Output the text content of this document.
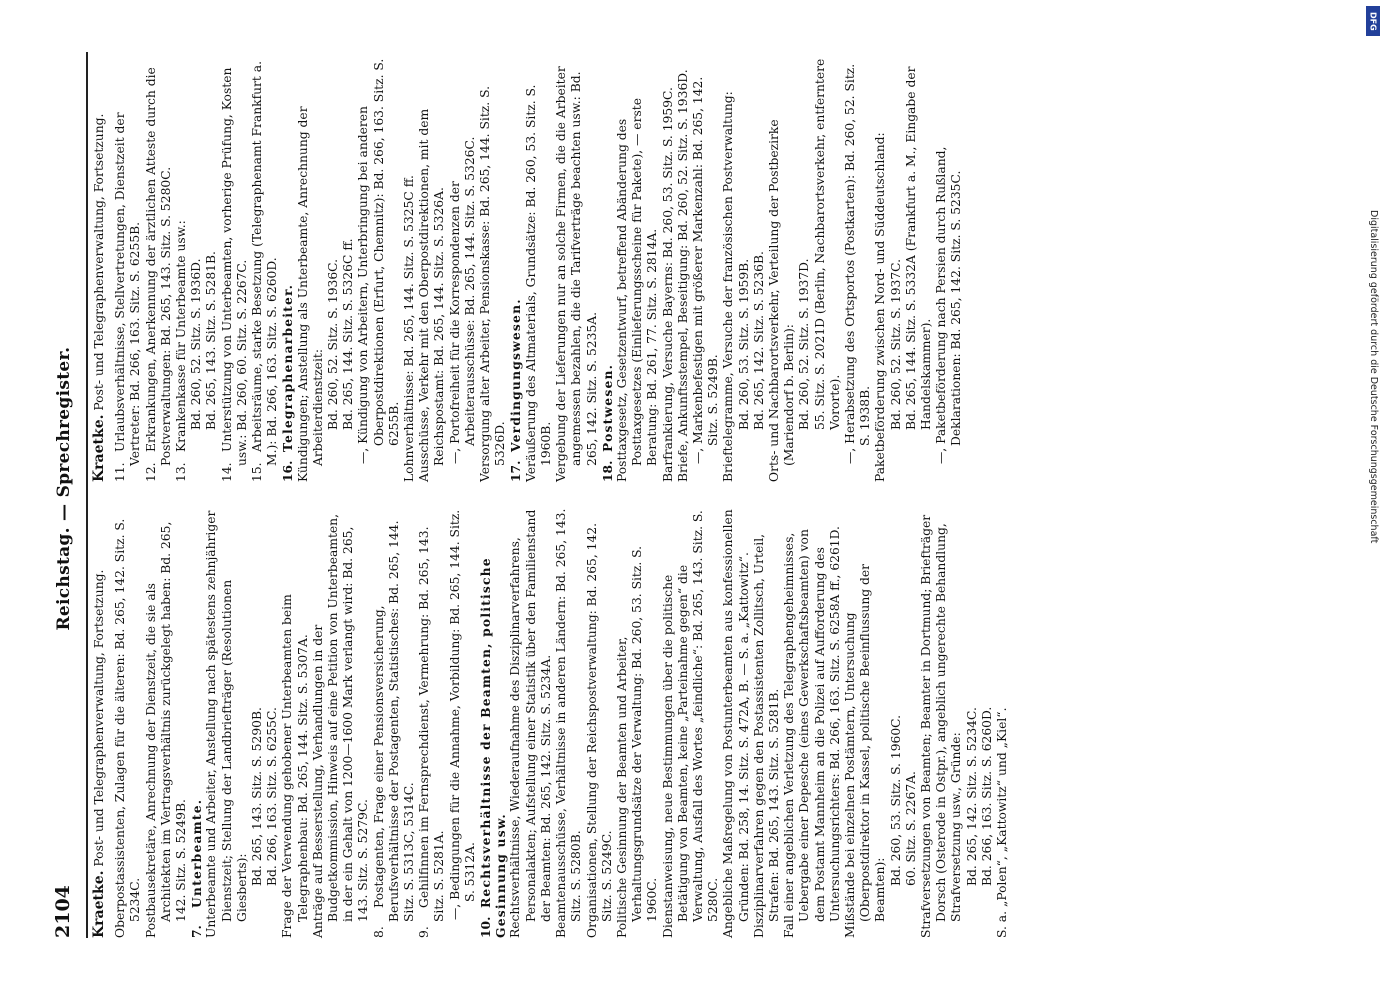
2104
Reichstag. — Sprechregister.

Kraetke. Post- und Telegraphenverwaltung, Fortsetzung. Oberpostassistenten, Zulagen für die älteren: Bd. 265, 142. Sitz. S. 5234C. Postbausekretäre, Anrechnung der Dienstzeit, die sie als Architekten im Vertragsverhältnis zurückgelegt haben: Bd. 265, 142. Sitz. S. 5249B.

7.Unterbeamte. Unterbeamte und Arbeiter, Anstellung nach spätestens zehnjähriger Dienstzeit; Stellung der Landbriefträger (Resolutionen Giesberts):

Bd. 265, 143. Sitz. S. 5290B. Bd. 266, 163. Sitz. S. 6255C. Frage der Verwendung gehobener Unterbeamten beim Telegraphenbau: Bd. 265, 144. Sitz. S. 5307A. Anträge auf Besserstellung, Verhandlungen in der Budgetkommission, Hinweis auf eine Petition von Unterbeamten, in der ein Gehalt von 1200—1600 Mark verlangt wird: Bd. 265, 143. Sitz. S. 5279C.

8.Postagenten, Frage einer Pensionsversicherung, Berufsverhältnisse der Postagenten, Statistisches: Bd. 265, 144. Sitz. S. 5313C, 5314C.

9.Gehilfinnen im Fernsprechdienst, Vermehrung: Bd. 265, 143. Sitz. S. 5281A. —, Bedingungen für die Annahme, Vorbildung: Bd. 265, 144. Sitz. S. 5312A.

10.Rechtsverhältnisse der Beamten, politische Gesinnung usw. Rechtsverhältnisse, Wiederaufnahme des Disziplinarverfahrens, Personalakten; Aufstellung einer Statistik über den Familienstand der Beamten: Bd. 265, 142. Sitz. S. 5234A. Beamtenausschüsse, Verhältnisse in anderen Ländern: Bd. 265, 143. Sitz. S. 5280B. Organisationen, Stellung der Reichspostverwaltung: Bd. 265, 142. Sitz. S. 5249C. Politische Gesinnung der Beamten und Arbeiter, Verhaltungsgrundsätze der Verwaltung: Bd. 260, 53. Sitz. S. 1960C. Dienstanweisung, neue Bestimmungen über die politische Betätigung von Beamten, keine „Parteinahme gegen“ die Verwaltung, Ausfall des Wortes „feindliche“: Bd. 265, 143. Sitz. S. 5280C. Angebliche Maßregelung von Postunterbeamten aus konfessionellen Gründen: Bd. 258, 14. Sitz. S. 472A, B. — S. a. „Kattowitz“. Disziplinarverfahren gegen den Postassistenten Zollitsch, Urteil, Strafen: Bd. 265, 143. Sitz. S. 5281B. Fall einer angeblichen Verletzung des Telegraphengeheimnisses, Uebergabe einer Depesche (eines Gewerkschaftsbeamten) von dem Postamt Mannheim an die Polizei auf Aufforderung des Untersuchungsrichters: Bd. 266, 163. Sitz. S. 6258A ff., 6261D. Mißstände bei einzelnen Postämtern, Untersuchung (Oberpostdirektor in Kassel, politische Beeinflussung der Beamten):

Bd. 260, 53. Sitz. S. 1960C. 60. Sitz. S. 2267A. Strafversetzungen von Beamten; Beamter in Dortmund; Briefträger Dorsch (Osterode in Ostpr.), angeblich ungerechte Behandlung, Strafversetzung usw., Gründe: Bd. 265, 142. Sitz. S. 5234C. Bd. 266, 163. Sitz. S. 6260D. S. a. „Polen“, „Kattowitz“ und „Kiel“.

Kraetke. Post- und Telegraphenverwaltung, Fortsetzung.

11.Urlaubsverhältnisse, Stellvertretungen, Dienstzeit der Vertreter: Bd. 266, 163. Sitz. S. 6255B.

12.Erkrankungen, Anerkennung der ärztlichen Atteste durch die Postverwaltungen: Bd. 265, 143. Sitz. S. 5280C.

13.Krankenkasse für Unterbeamte usw.: Bd. 260, 52. Sitz. S. 1936D. Bd. 265, 143. Sitz. S. 5281B.

14.Unterstützung von Unterbeamten, vorherige Prüfung, Kosten usw.: Bd. 260, 60. Sitz. S. 2267C.

15.Arbeitsräume, starke Besetzung (Telegraphenamt Frankfurt a. M.): Bd. 266, 163. Sitz. S. 6260D.

16.Telegraphenarbeiter. Kündigungen; Anstellung als Unterbeamte, Anrechnung der Arbeiterdienstzeit: Bd. 260, 52. Sitz. S. 1936C. Bd. 265, 144. Sitz. S. 5326C ff. —, Kündigung von Arbeitern, Unterbringung bei anderen Oberpostdirektionen (Erfurt, Chemnitz): Bd. 266, 163. Sitz. S. 6255B. Lohnverhältnisse: Bd. 265, 144. Sitz. S. 5325C ff. Ausschüsse, Verkehr mit den Oberpostdirektionen, mit dem Reichspostamt: Bd. 265, 144. Sitz. S. 5326A. —, Portofreiheit für die Korrespondenzen der Arbeiterausschüsse: Bd. 265, 144. Sitz. S. 5326C. Versorgung alter Arbeiter, Pensionskasse: Bd. 265, 144. Sitz. S. 5326D.

17.Verdingungswesen. Veräußerung des Altmaterials, Grundsätze: Bd. 260, 53. Sitz. S. 1960B. Vergebung der Lieferungen nur an solche Firmen, die die Arbeiter angemessen bezahlen, die die Tarifverträge beachten usw.: Bd. 265, 142. Sitz. S. 5235A.

18.Postwesen. Posttaxgesetz, Gesetzentwurf, betreffend Abänderung des Posttaxgesetzes (Einlieferungsscheine für Pakete), — erste Beratung: Bd. 261, 77. Sitz. S. 2814A. Barfrankierung, Versuche Bayerns: Bd. 260, 53. Sitz. S. 1959C. Briefe, Ankunftsstempel, Beseitigung: Bd. 260, 52. Sitz. S. 1936D. —, Markenbefestigen mit größerer Markenzahl: Bd. 265, 142. Sitz. S. 5249B. Brieftelegramme, Versuche der französischen Postverwaltung: Bd. 260, 53. Sitz. S. 1959B. Bd. 265, 142. Sitz. S. 5236B. Orts- und Nachbarortsverkehr, Verteilung der Postbezirke (Mariendorf b. Berlin): Bd. 260, 52. Sitz. S. 1937D. 55. Sitz. S. 2021D (Berlin, Nachbarortsverkehr, entferntere Vororte). —, Herabsetzung des Ortsportos (Postkarten): Bd. 260, 52. Sitz. S. 1938B. Paketbeförderung zwischen Nord- und Süddeutschland: Bd. 260, 52. Sitz. S. 1937C. Bd. 265, 144. Sitz. S. 5332A (Frankfurt a. M., Eingabe der Handelskammer). —, Paketbeförderung nach Persien durch Rußland, Deklarationen: Bd. 265, 142. Sitz. S. 5235C.

DFG
Digitalisierung gefördert durch die Deutsche Forschungsgemeinschaft
